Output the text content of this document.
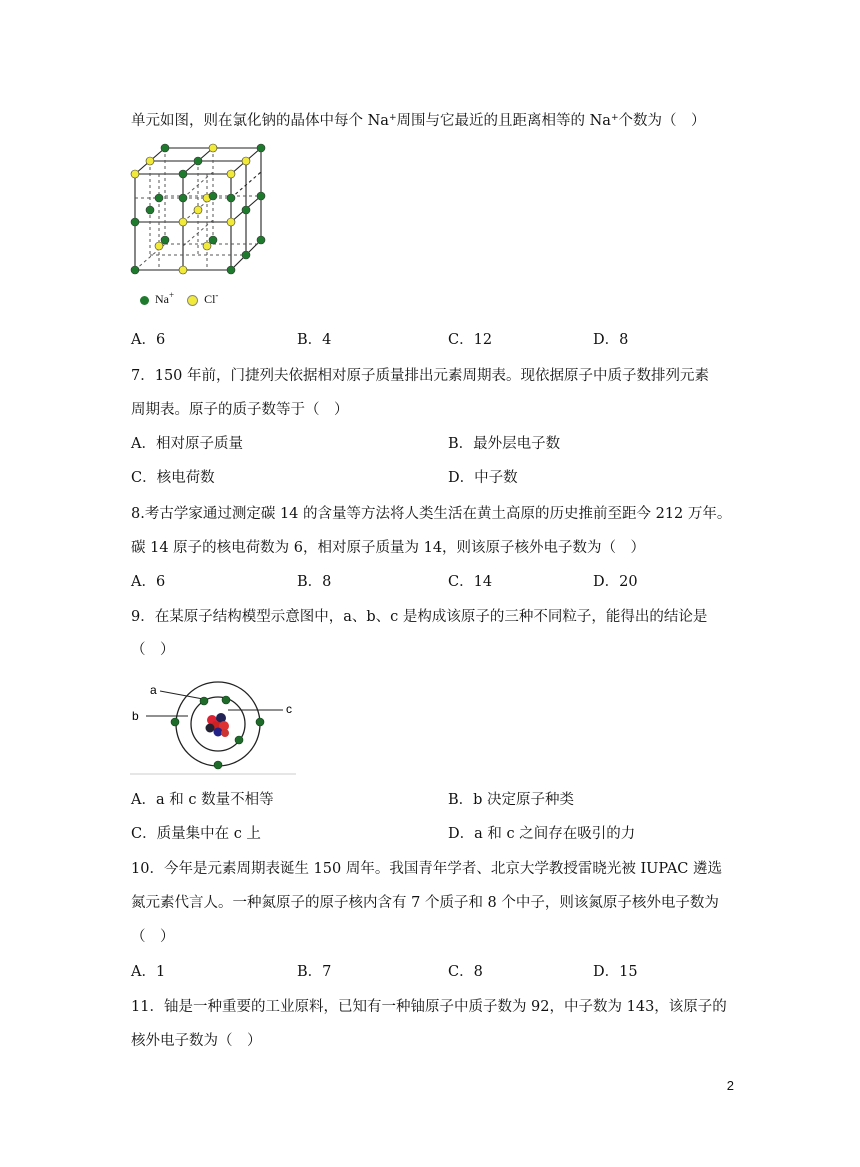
单元如图，则在氯化钠的晶体中每个 Na+周围与它最近的且距离相等的 Na+个数为（　）
Na+	Cl-
A．6	B．4	C．12	D．8
7．150 年前，门捷列夫依据相对原子质量排出元素周期表。现依据原子中质子数排列元素
周期表。原子的质子数等于（　）
A．相对原子质量	B．最外层电子数
C．核电荷数	D．中子数
8.考古学家通过测定碳 14 的含量等方法将人类生活在黄土高原的历史推前至距今 212 万年。
碳 14 原子的核电荷数为 6，相对原子质量为 14，则该原子核外电子数为（　）
A．6	B．8	C．14	D．20
9．在某原子结构模型示意图中，a、b、c 是构成该原子的三种不同粒子，能得出的结论是
（　）
a
b	c
A．a 和 c 数量不相等	B．b 决定原子种类
C．质量集中在 c 上	D．a 和 c 之间存在吸引的力
10．今年是元素周期表诞生 150 周年。我国青年学者、北京大学教授雷晓光被 IUPAC 遴选
氮元素代言人。一种氮原子的原子核内含有 7 个质子和 8 个中子，则该氮原子核外电子数为
（　）
A．1	B．7	C．8	D．15
11．铀是一种重要的工业原料，已知有一种铀原子中质子数为 92，中子数为 143，该原子的
核外电子数为（　）
2
